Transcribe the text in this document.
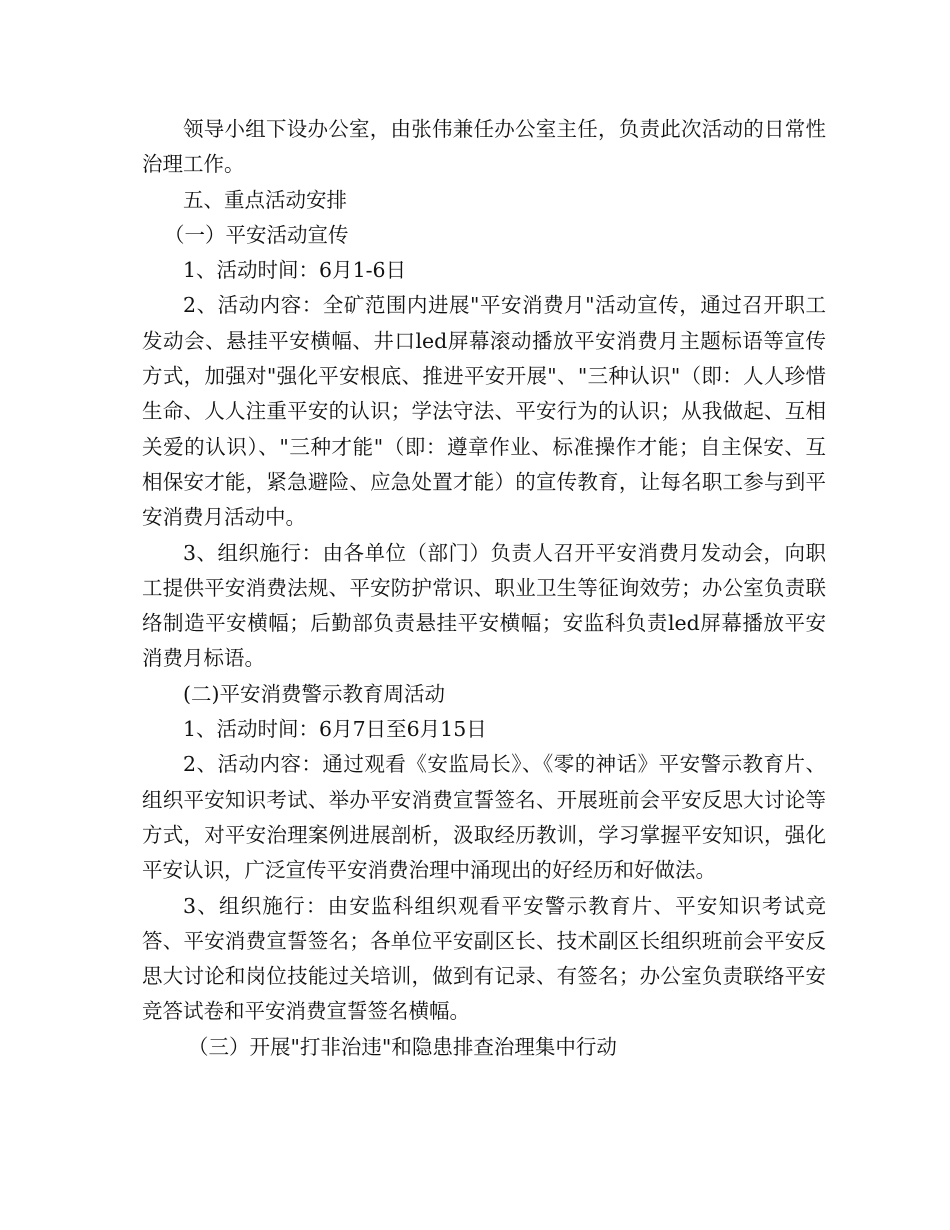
领导小组下设办公室，由张伟兼任办公室主任，负责此次活动的日常性治理工作。

五、重点活动安排

（一）平安活动宣传

1、活动时间：6月1-6日

2、活动内容：全矿范围内进展"平安消费月"活动宣传，通过召开职工发动会、悬挂平安横幅、井口led屏幕滚动播放平安消费月主题标语等宣传方式，加强对"强化平安根底、推进平安开展"、"三种认识"（即：人人珍惜生命、人人注重平安的认识；学法守法、平安行为的认识；从我做起、互相关爱的认识）、"三种才能"（即：遵章作业、标准操作才能；自主保安、互相保安才能，紧急避险、应急处置才能）的宣传教育，让每名职工参与到平安消费月活动中。

3、组织施行：由各单位（部门）负责人召开平安消费月发动会，向职工提供平安消费法规、平安防护常识、职业卫生等征询效劳；办公室负责联络制造平安横幅；后勤部负责悬挂平安横幅；安监科负责led屏幕播放平安消费月标语。

(二)平安消费警示教育周活动

1、活动时间：6月7日至6月15日

2、活动内容：通过观看《安监局长》、《零的神话》平安警示教育片、组织平安知识考试、举办平安消费宣誓签名、开展班前会平安反思大讨论等方式，对平安治理案例进展剖析，汲取经历教训，学习掌握平安知识，强化平安认识，广泛宣传平安消费治理中涌现出的好经历和好做法。

3、组织施行：由安监科组织观看平安警示教育片、平安知识考试竞答、平安消费宣誓签名；各单位平安副区长、技术副区长组织班前会平安反思大讨论和岗位技能过关培训，做到有记录、有签名；办公室负责联络平安竞答试卷和平安消费宣誓签名横幅。

（三）开展"打非治违"和隐患排查治理集中行动
